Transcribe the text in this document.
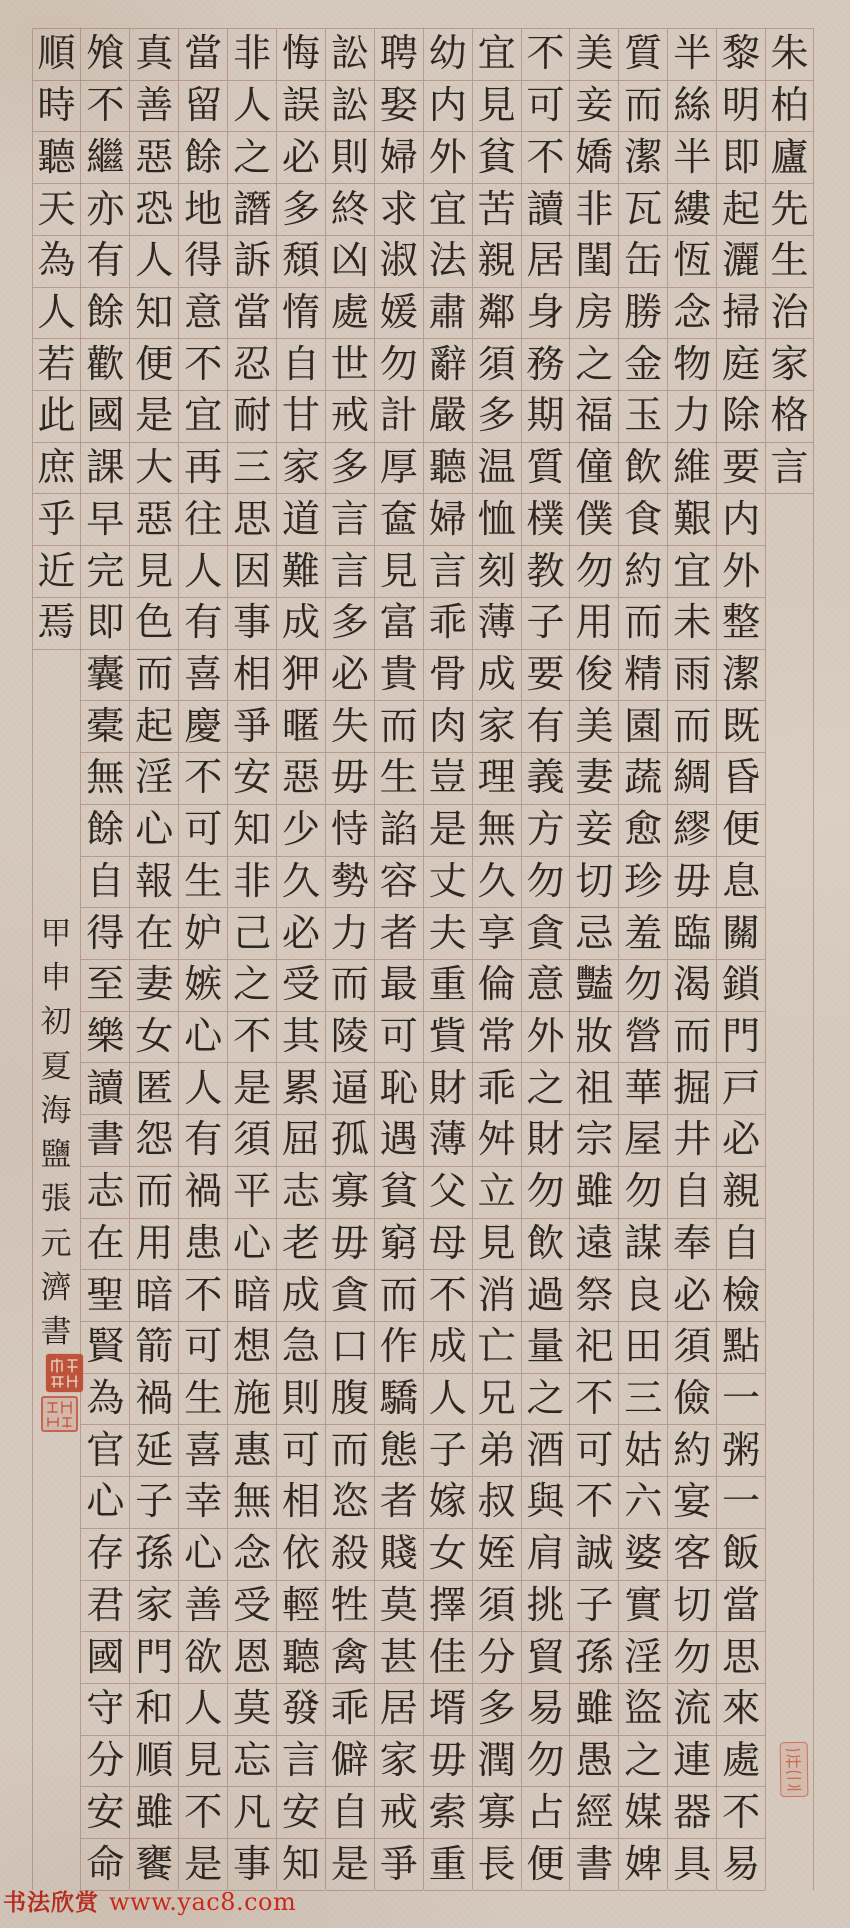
朱
柏
廬
先
生
治
家
格
言
黎
明
即
起
灑
掃
庭
除
要
内
外
整
潔
既
昏
便
息
關
鎖
門
戸
必
親
自
檢
點
一
粥
一
飯
當
思
來
處
不
易
半
絲
半
縷
恆
念
物
力
維
艱
宜
未
雨
而
綢
繆
毋
臨
渴
而
掘
井
自
奉
必
須
儉
約
宴
客
切
勿
流
連
器
具
質
而
潔
瓦
缶
勝
金
玉
飲
食
約
而
精
園
蔬
愈
珍
羞
勿
營
華
屋
勿
謀
良
田
三
姑
六
婆
實
淫
盜
之
媒
婢
美
妾
嬌
非
閨
房
之
福
僮
僕
勿
用
俊
美
妻
妾
切
忌
豔
妝
祖
宗
雖
遠
祭
祀
不
可
不
誠
子
孫
雖
愚
經
書
不
可
不
讀
居
身
務
期
質
樸
教
子
要
有
義
方
勿
貪
意
外
之
財
勿
飲
過
量
之
酒
與
肩
挑
貿
易
勿
占
便
宜
見
貧
苦
親
鄰
須
多
温
恤
刻
薄
成
家
理
無
久
享
倫
常
乖
舛
立
見
消
亡
兄
弟
叔
姪
須
分
多
潤
寡
長
幼
内
外
宜
法
肅
辭
嚴
聽
婦
言
乖
骨
肉
豈
是
丈
夫
重
貲
財
薄
父
母
不
成
人
子
嫁
女
擇
佳
壻
毋
索
重
聘
娶
婦
求
淑
媛
勿
計
厚
奩
見
富
貴
而
生
諂
容
者
最
可
恥
遇
貧
窮
而
作
驕
態
者
賤
莫
甚
居
家
戒
爭
訟
訟
則
終
凶
處
世
戒
多
言
言
多
必
失
毋
恃
勢
力
而
陵
逼
孤
寡
毋
貪
口
腹
而
恣
殺
牲
禽
乖
僻
自
是
悔
誤
必
多
頹
惰
自
甘
家
道
難
成
狎
暱
惡
少
久
必
受
其
累
屈
志
老
成
急
則
可
相
依
輕
聽
發
言
安
知
非
人
之
譖
訴
當
忍
耐
三
思
因
事
相
爭
安
知
非
己
之
不
是
須
平
心
暗
想
施
惠
無
念
受
恩
莫
忘
凡
事
當
留
餘
地
得
意
不
宜
再
往
人
有
喜
慶
不
可
生
妒
嫉
心
人
有
禍
患
不
可
生
喜
幸
心
善
欲
人
見
不
是
真
善
惡
恐
人
知
便
是
大
惡
見
色
而
起
淫
心
報
在
妻
女
匿
怨
而
用
暗
箭
禍
延
子
孫
家
門
和
順
雖
饔
飧
不
繼
亦
有
餘
歡
國
課
早
完
即
囊
橐
無
餘
自
得
至
樂
讀
書
志
在
聖
賢
為
官
心
存
君
國
守
分
安
命
順
時
聽
天
為
人
若
此
庶
乎
近
焉
甲
申
初
夏
海
鹽
張
元
濟
書
书法欣赏 www.yac8.com
